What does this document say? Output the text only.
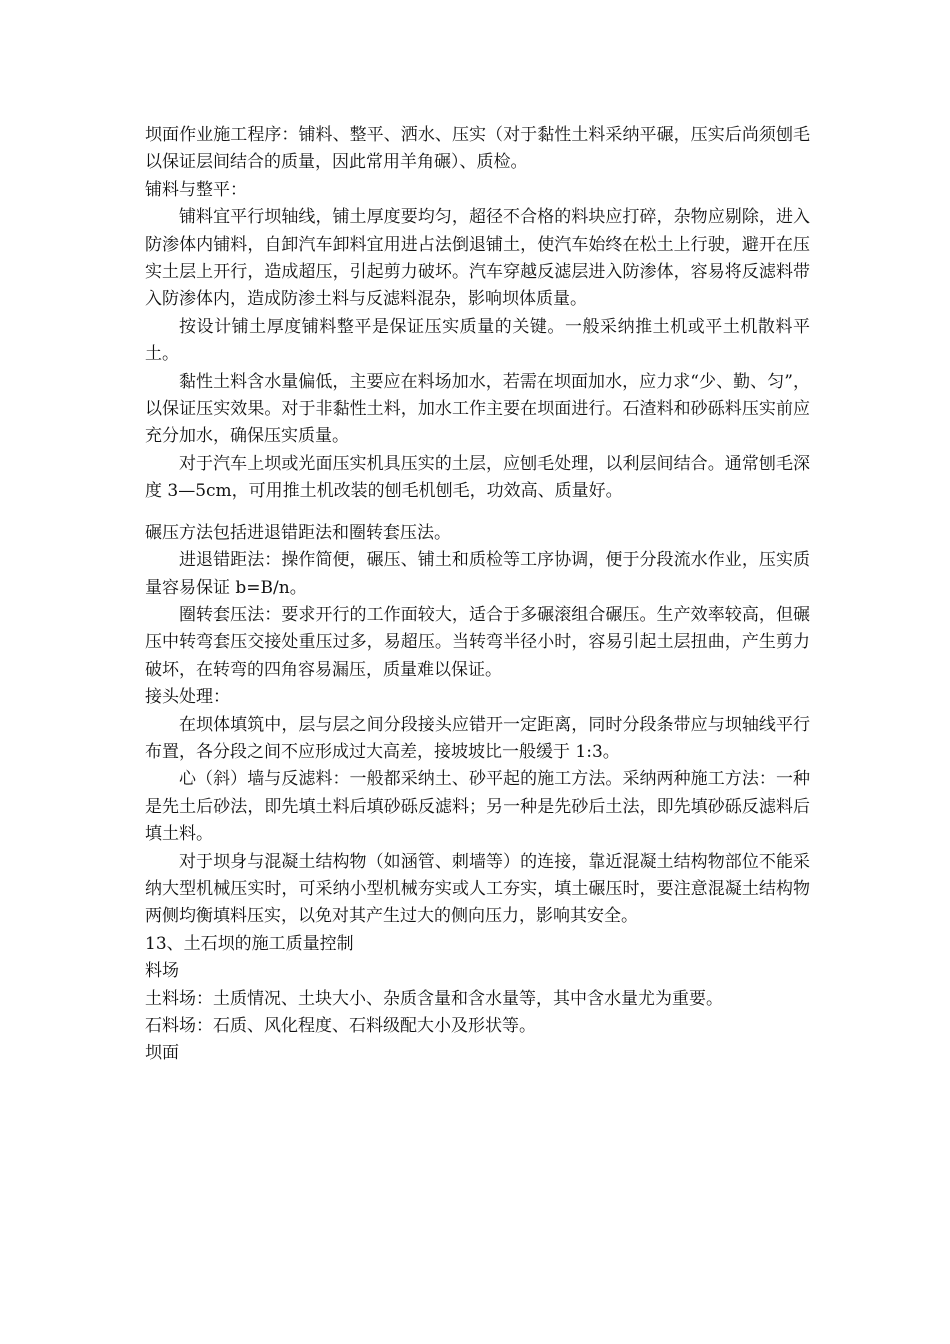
坝面作业施工程序：铺料、整平、洒水、压实（对于黏性土料采纳平碾，压实后尚须刨毛以保证层间结合的质量，因此常用羊角碾）、质检。

铺料与整平：

铺料宜平行坝轴线，铺土厚度要均匀，超径不合格的料块应打碎，杂物应剔除，进入防渗体内铺料，自卸汽车卸料宜用进占法倒退铺土，使汽车始终在松土上行驶，避开在压实土层上开行，造成超压，引起剪力破坏。汽车穿越反滤层进入防渗体，容易将反滤料带入防渗体内，造成防渗土料与反滤料混杂，影响坝体质量。

按设计铺土厚度铺料整平是保证压实质量的关键。一般采纳推土机或平土机散料平土。

黏性土料含水量偏低，主要应在料场加水，若需在坝面加水，应力求“少、勤、匀”，以保证压实效果。对于非黏性土料，加水工作主要在坝面进行。石渣料和砂砾料压实前应充分加水，确保压实质量。

对于汽车上坝或光面压实机具压实的土层，应刨毛处理，以利层间结合。通常刨毛深度 3—5cm，可用推土机改装的刨毛机刨毛，功效高、质量好。

碾压方法包括进退错距法和圈转套压法。

进退错距法：操作简便，碾压、铺土和质检等工序协调，便于分段流水作业，压实质量容易保证 b=B/n。

圈转套压法：要求开行的工作面较大，适合于多碾滚组合碾压。生产效率较高，但碾压中转弯套压交接处重压过多，易超压。当转弯半径小时，容易引起土层扭曲，产生剪力破坏，在转弯的四角容易漏压，质量难以保证。

接头处理：

在坝体填筑中，层与层之间分段接头应错开一定距离，同时分段条带应与坝轴线平行布置，各分段之间不应形成过大高差，接坡坡比一般缓于 1:3。

心（斜）墙与反滤料：一般都采纳土、砂平起的施工方法。采纳两种施工方法：一种是先土后砂法，即先填土料后填砂砾反滤料；另一种是先砂后土法，即先填砂砾反滤料后填土料。

对于坝身与混凝土结构物（如涵管、刺墙等）的连接，靠近混凝土结构物部位不能采纳大型机械压实时，可采纳小型机械夯实或人工夯实，填土碾压时，要注意混凝土结构物两侧均衡填料压实，以免对其产生过大的侧向压力，影响其安全。

13、土石坝的施工质量控制

料场

土料场：土质情况、土块大小、杂质含量和含水量等，其中含水量尤为重要。

石料场：石质、风化程度、石料级配大小及形状等。

坝面
